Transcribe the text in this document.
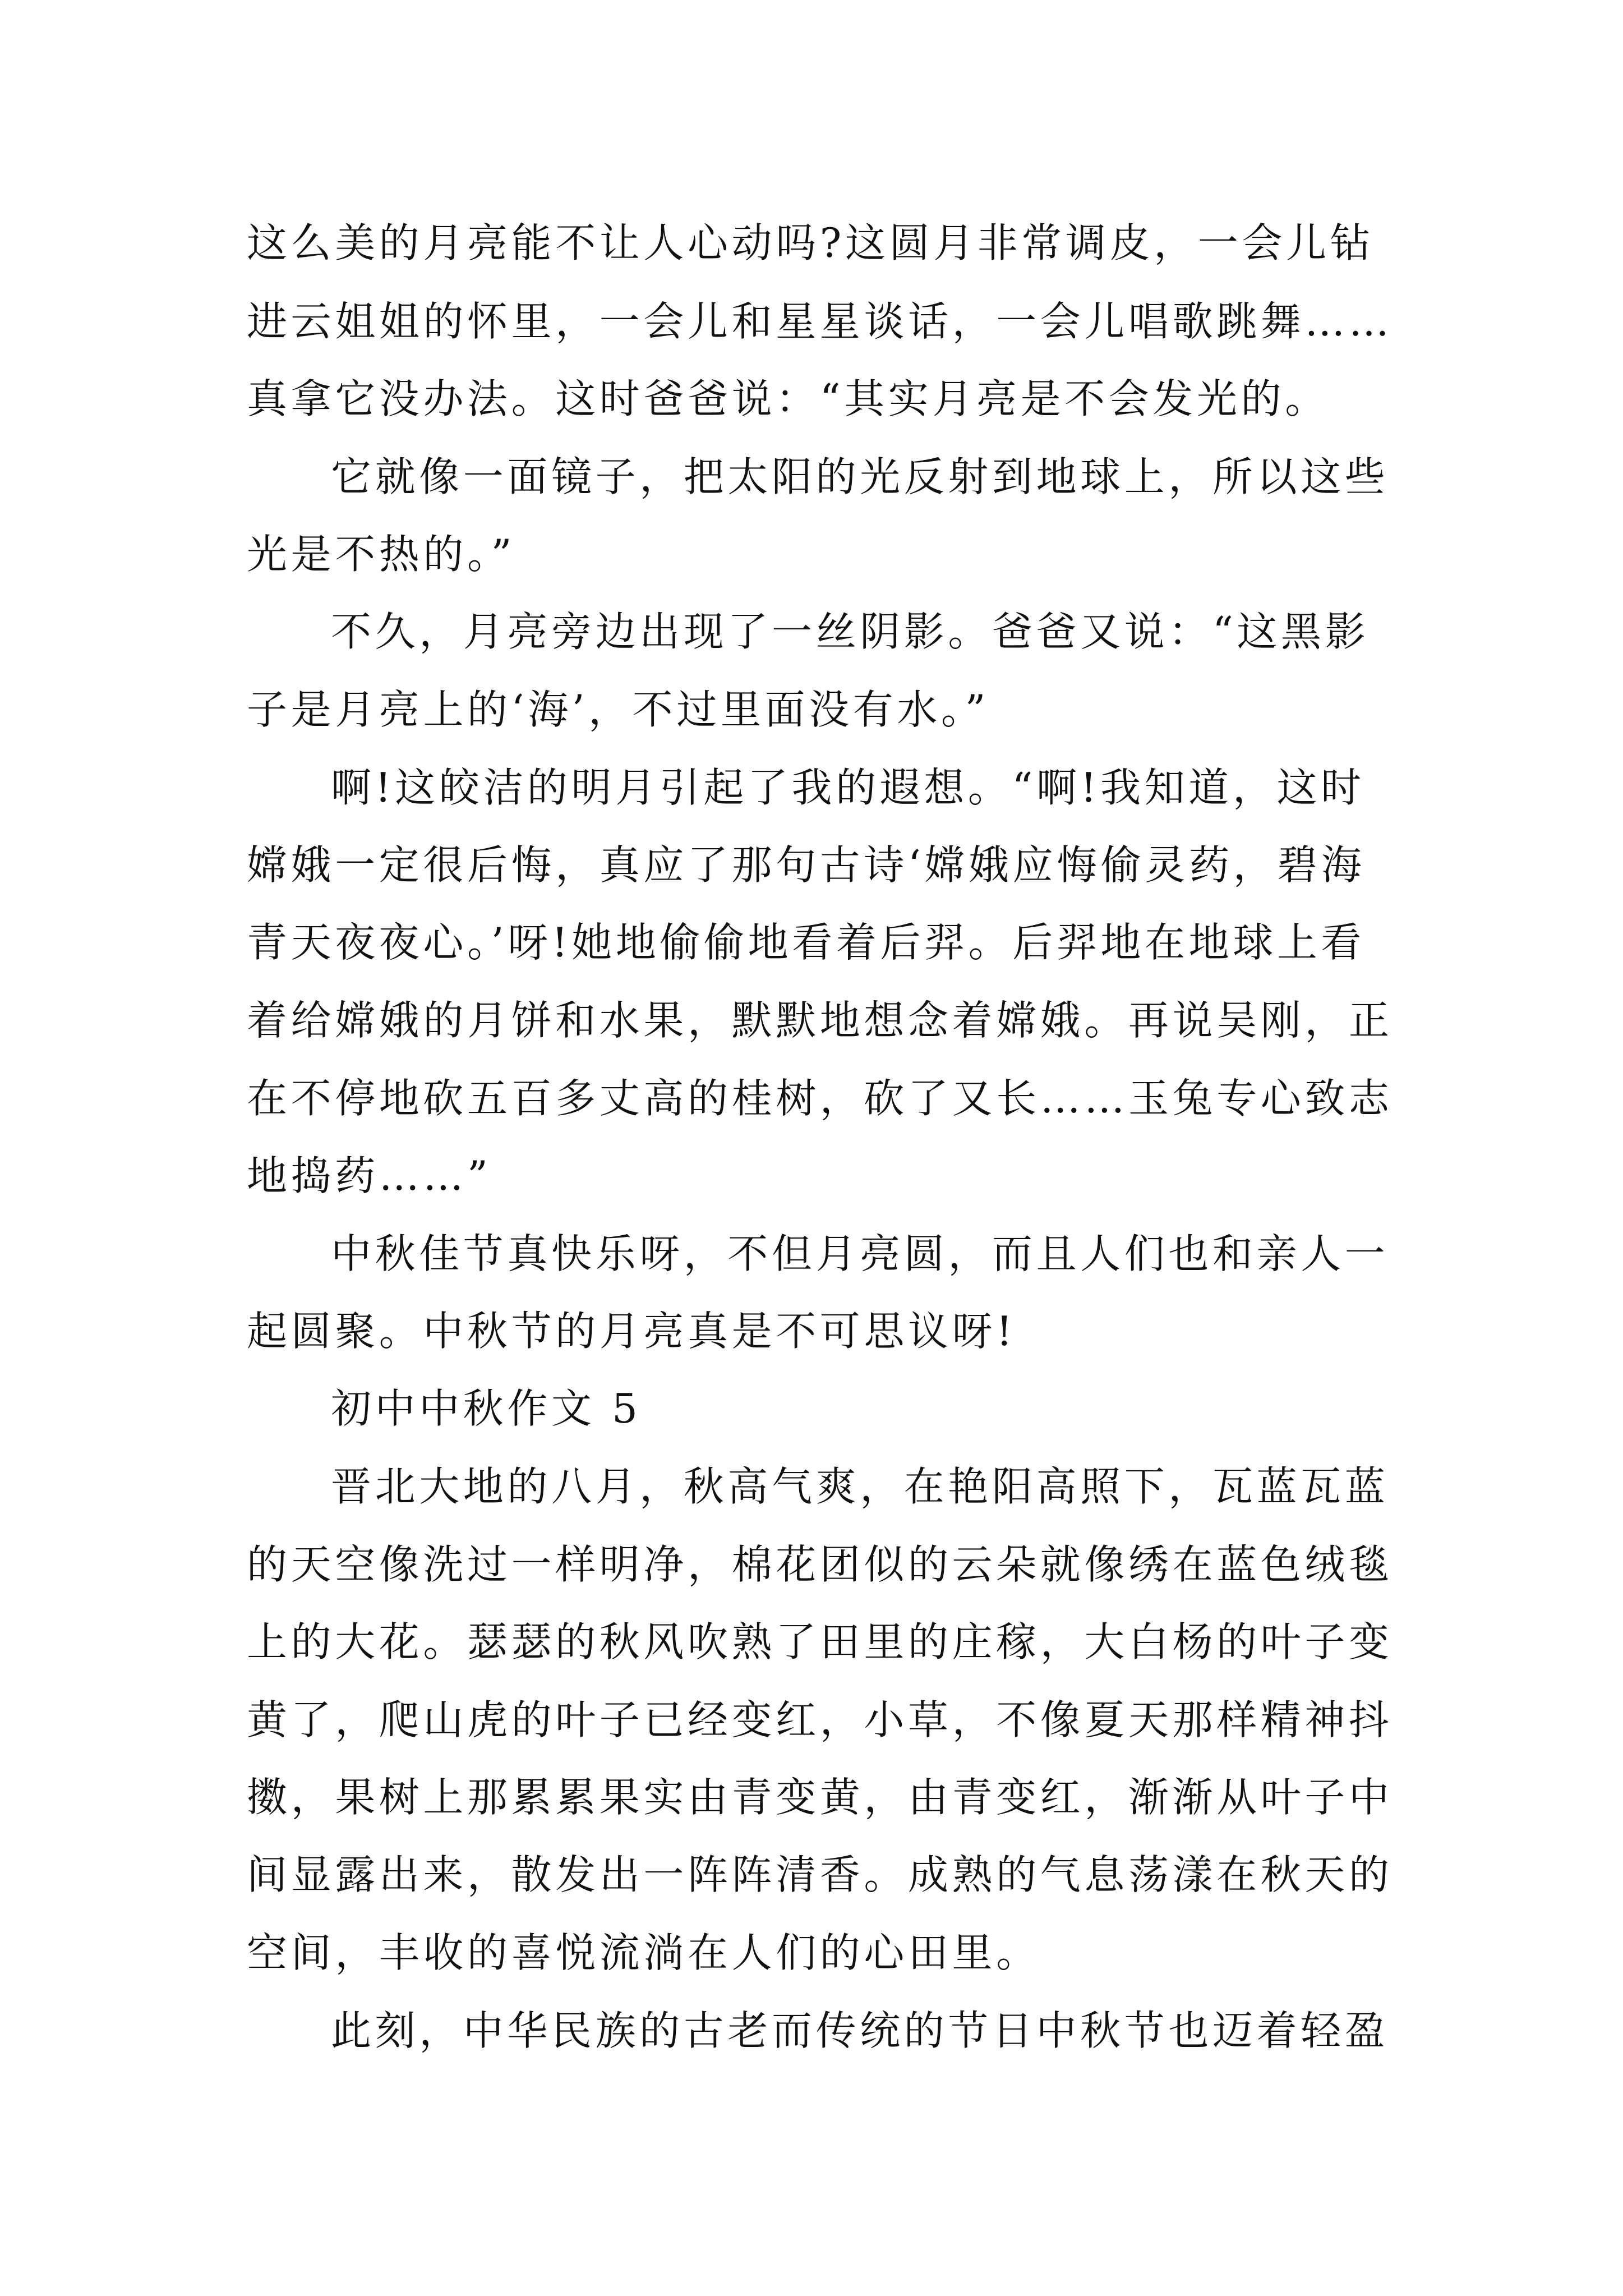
这么美的月亮能不让人心动吗?这圆月非常调皮，一会儿钻
进云姐姐的怀里，一会儿和星星谈话，一会儿唱歌跳舞……
真拿它没办法。这时爸爸说：“其实月亮是不会发光的。
它就像一面镜子，把太阳的光反射到地球上，所以这些
光是不热的。”
不久，月亮旁边出现了一丝阴影。爸爸又说：“这黑影
子是月亮上的‘海’，不过里面没有水。”
啊!这皎洁的明月引起了我的遐想。“啊!我知道，这时
嫦娥一定很后悔，真应了那句古诗‘嫦娥应悔偷灵药，碧海
青天夜夜心。’呀!她地偷偷地看着后羿。后羿地在地球上看
着给嫦娥的月饼和水果，默默地想念着嫦娥。再说吴刚，正
在不停地砍五百多丈高的桂树，砍了又长……玉兔专心致志
地捣药……”
中秋佳节真快乐呀，不但月亮圆，而且人们也和亲人一
起圆聚。中秋节的月亮真是不可思议呀!
初中中秋作文 5
晋北大地的八月，秋高气爽，在艳阳高照下，瓦蓝瓦蓝
的天空像洗过一样明净，棉花团似的云朵就像绣在蓝色绒毯
上的大花。瑟瑟的秋风吹熟了田里的庄稼，大白杨的叶子变
黄了，爬山虎的叶子已经变红，小草，不像夏天那样精神抖
擞，果树上那累累果实由青变黄，由青变红，渐渐从叶子中
间显露出来，散发出一阵阵清香。成熟的气息荡漾在秋天的
空间，丰收的喜悦流淌在人们的心田里。
此刻，中华民族的古老而传统的节日中秋节也迈着轻盈
